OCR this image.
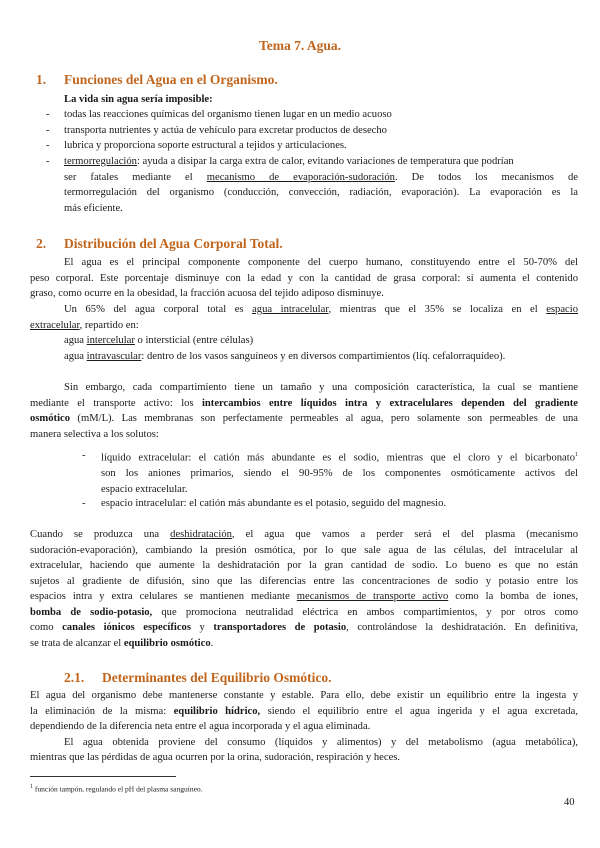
Tema 7. Agua.
1. Funciones del Agua en el Organismo.
La vida sin agua sería imposible:
- todas las reacciones químicas del organismo tienen lugar en un medio acuoso
- transporta nutrientes y actúa de vehículo para excretar productos de desecho
- lubrica y proporciona soporte estructural a tejidos y articulaciones.
- termorregulación: ayuda a disipar la carga extra de calor, evitando variaciones de temperatura que podrían
ser fatales mediante el mecanismo de evaporación-sudoración. De todos los mecanismos de
termorregulación del organismo (conducción, convección, radiación, evaporación). La evaporación es la
más eficiente.
2. Distribución del Agua Corporal Total.
El agua es el principal componente componente del cuerpo humano, constituyendo entre el 50-70% del
peso corporal. Este porcentaje disminuye con la edad y con la cantidad de grasa corporal: si aumenta el contenido
graso, como ocurre en la obesidad, la fracción acuosa del tejido adiposo disminuye.
Un 65% del agua corporal total es agua intracelular, mientras que el 35% se localiza en el espacio
extracelular, repartido en:
agua intercelular o intersticial (entre células)
agua intravascular: dentro de los vasos sanguíneos y en diversos compartimientos (líq. cefalorraquídeo).
Sin embargo, cada compartimiento tiene un tamaño y una composición característica, la cual se mantiene
mediante el transporte activo: los intercambios entre líquidos intra y extracelulares dependen del gradiente
osmótico (mM/L). Las membranas son perfectamente permeables al agua, pero solamente son permeables de una
manera selectiva a los solutos:
- líquido extracelular: el catión más abundante es el sodio, mientras que el cloro y el bicarbonato$^1$
son los aniones primarios, siendo el 90-95% de los componentes osmóticamente activos del
espacio extracelular.
- espacio intracelular: el catión más abundante es el potasio, seguido del magnesio.
Cuando se produzca una deshidratación, el agua que vamos a perder será el del plasma (mecanismo
sudoración-evaporación), cambiando la presión osmótica, por lo que sale agua de las células, del intracelular al
extracelular, haciendo que aumente la deshidratación por la gran cantidad de sodio. Lo bueno es que no están
sujetos al gradiente de difusión, sino que las diferencias entre las concentraciones de sodio y potasio entre los
espacios intra y extra celulares se mantienen mediante mecanismos de transporte activo como la bomba de iones,
bomba de sodio-potasio, que promociona neutralidad eléctrica en ambos compartimientos, y por otros como
como canales iónicos específicos y transportadores de potasio, controlándose la deshidratación. En definitiva,
se trata de alcanzar el equilibrio osmótico.
2.1. Determinantes del Equilibrio Osmótico.
El agua del organismo debe mantenerse constante y estable. Para ello, debe existir un equilibrio entre la ingesta y
la eliminación de la misma: equilibrio hídrico, siendo el equilibrio entre el agua ingerida y el agua excretada,
dependiendo de la diferencia neta entre el agua incorporada y el agua eliminada.
El agua obtenida proviene del consumo (líquidos y alimentos) y del metabolismo (agua metabólica),
mientras que las pérdidas de agua ocurren por la orina, sudoración, respiración y heces.
$^1$ función tampón, regulando el pH del plasma sanguíneo.
40
